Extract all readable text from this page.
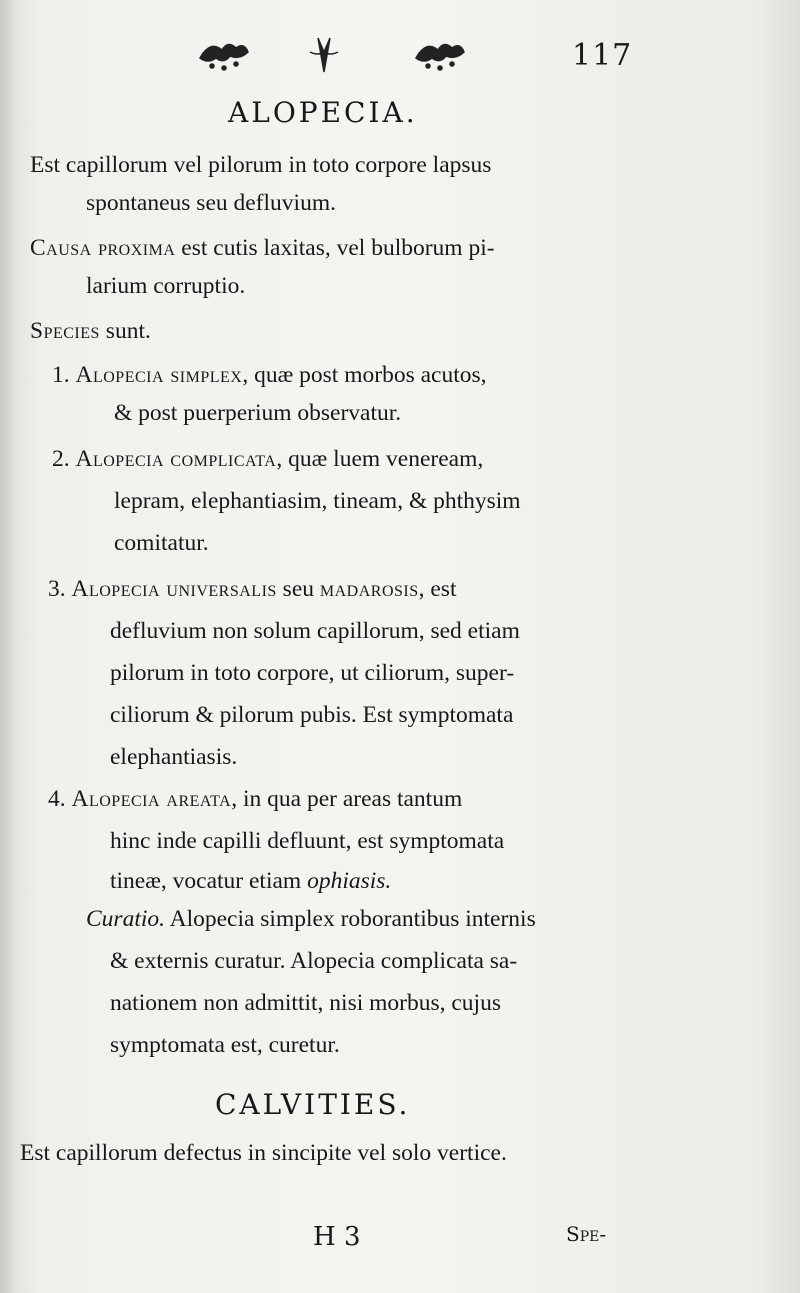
117
ALOPECIA.
Est capillorum vel pilorum in toto corpore lapsus
spontaneus seu defluvium.
Causa proxima est cutis laxitas, vel bulborum pi-
larium corruptio.
Species sunt.
1. Alopecia simplex, quæ post morbos acutos,
& post puerperium observatur.
2. Alopecia complicata, quæ luem veneream,
lepram, elephantiasim, tineam, & phthysim
comitatur.
3. Alopecia universalis seu madarosis, est
defluvium non solum capillorum, sed etiam
pilorum in toto corpore, ut ciliorum, super-
ciliorum & pilorum pubis. Est symptomata
elephantiasis.
4. Alopecia areata, in qua per areas tantum
hinc inde capilli defluunt, est symptomata
tineæ, vocatur etiam ophiasis.
Curatio. Alopecia simplex roborantibus internis
& externis curatur. Alopecia complicata sa-
nationem non admittit, nisi morbus, cujus
symptomata est, curetur.
CALVITIES.
Est capillorum defectus in sincipite vel solo vertice.
H 3	Spe-
